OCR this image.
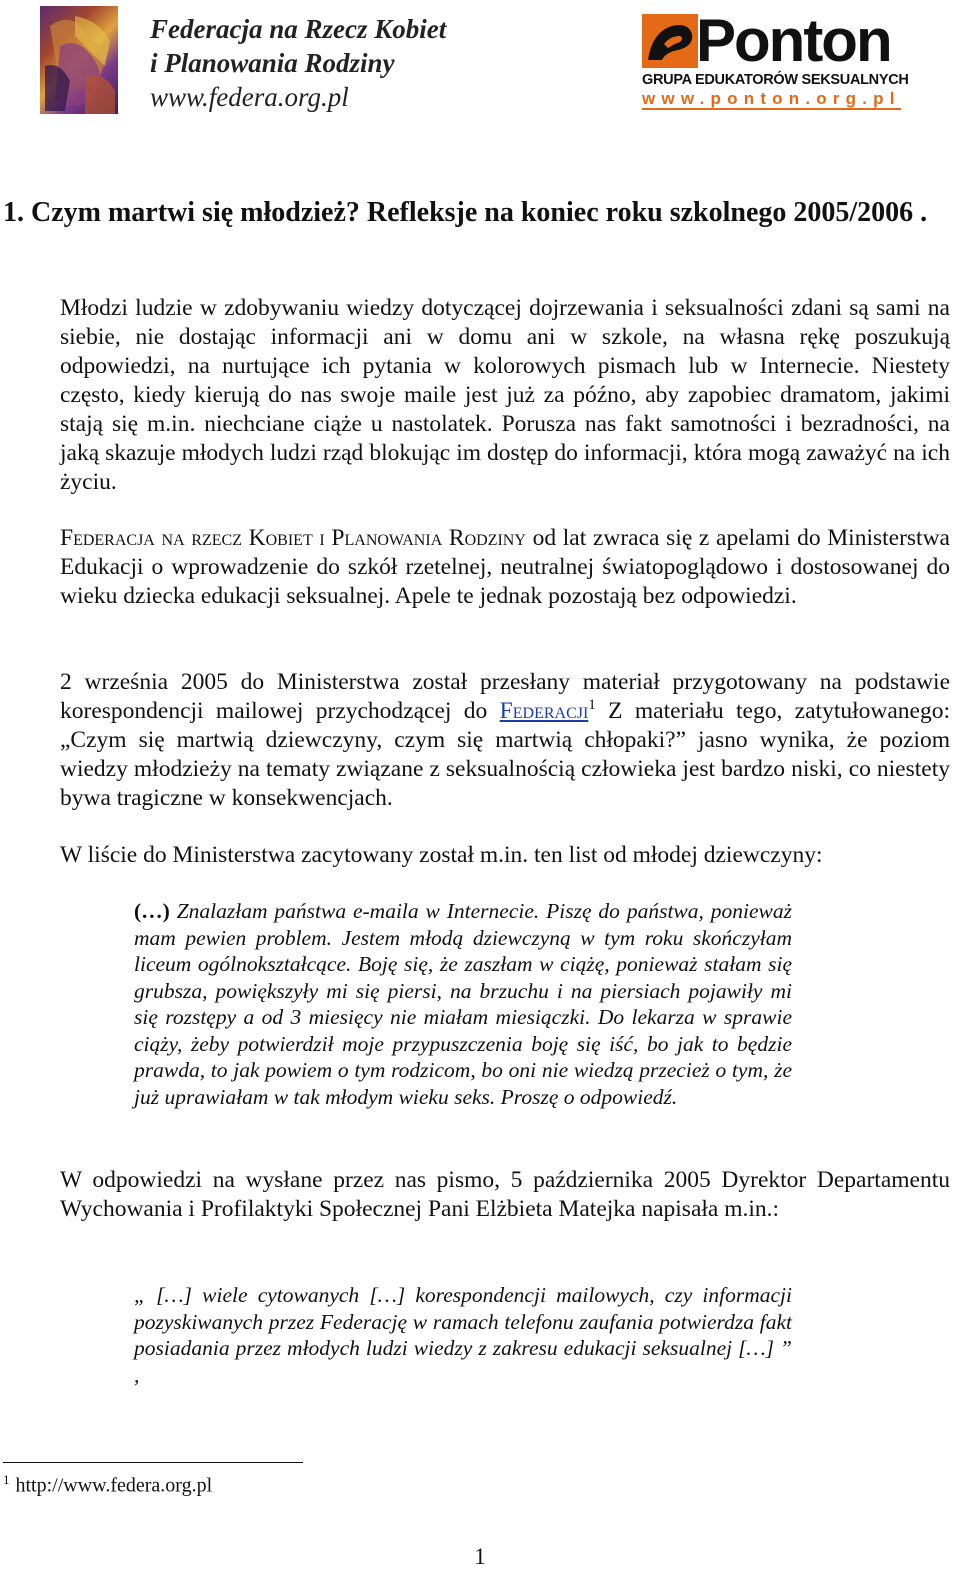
Federacja na Rzecz Kobiet
i Planowania Rodziny
www.federa.org.pl
Ponton
GRUPA EDUKATORÓW SEKSUALNYCH
www.ponton.org.pl
1. Czym martwi się młodzież? Refleksje na koniec roku szkolnego 2005/2006 .

Młodzi ludzie w zdobywaniu wiedzy dotyczącej dojrzewania i seksualności zdani są sami na siebie, nie dostając informacji ani w domu ani w szkole, na własna rękę poszukują odpowiedzi, na nurtujące ich pytania w kolorowych pismach lub w Internecie. Niestety często, kiedy kierują do nas swoje maile jest już za późno, aby zapobiec dramatom, jakimi stają się m.in. niechciane ciąże u nastolatek. Porusza nas fakt samotności i bezradności, na jaką skazuje młodych ludzi rząd blokując im dostęp do informacji, która mogą zaważyć na ich życiu.

Federacja na rzecz Kobiet i Planowania Rodziny od lat zwraca się z apelami do Ministerstwa Edukacji o wprowadzenie do szkół rzetelnej, neutralnej światopoglądowo i dostosowanej do wieku dziecka edukacji seksualnej. Apele te jednak pozostają bez odpowiedzi.

2 września 2005 do Ministerstwa został przesłany materiał przygotowany na podstawie korespondencji mailowej przychodzącej do Federacji$^1$ Z materiału tego, zatytułowanego: „Czym się martwią dziewczyny, czym się martwią chłopaki?” jasno wynika, że poziom wiedzy młodzieży na tematy związane z seksualnością człowieka jest bardzo niski, co niestety bywa tragiczne w konsekwencjach.

W liście do Ministerstwa zacytowany został m.in. ten list od młodej dziewczyny:

(…) Znalazłam państwa e-maila w Internecie. Piszę do państwa, ponieważ mam pewien problem. Jestem młodą dziewczyną w tym roku skończyłam liceum ogólnokształcące. Boję się, że zaszłam w ciążę, ponieważ stałam się grubsza, powiększyły mi się piersi, na brzuchu i na piersiach pojawiły mi się rozstępy a od 3 miesięcy nie miałam miesiączki. Do lekarza w sprawie ciąży, żeby potwierdził moje przypuszczenia boję się iść, bo jak to będzie prawda, to jak powiem o tym rodzicom, bo oni nie wiedzą przecież o tym, że już uprawiałam w tak młodym wieku seks. Proszę o odpowiedź.

W odpowiedzi na wysłane przez nas pismo, 5 października 2005 Dyrektor Departamentu Wychowania i Profilaktyki Społecznej Pani Elżbieta Matejka napisała m.in.:

„ […] wiele cytowanych […] korespondencji mailowych, czy informacji pozyskiwanych przez Federację w ramach telefonu zaufania potwierdza fakt posiadania przez młodych ludzi wiedzy z zakresu edukacji seksualnej […] ” ,

$^1$ http://www.federa.org.pl
1
